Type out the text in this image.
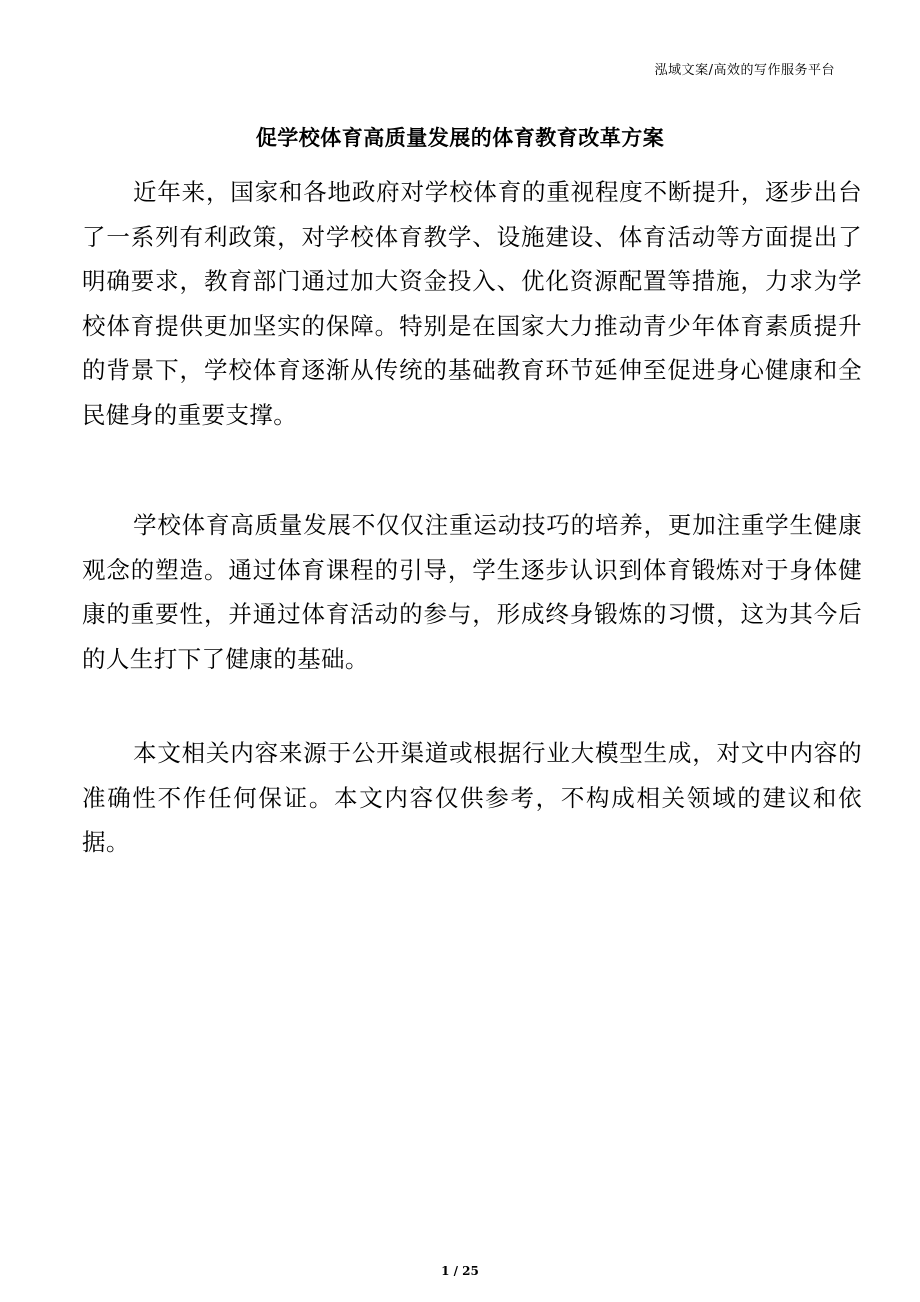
泓域文案/高效的写作服务平台
促学校体育高质量发展的体育教育改革方案

近年来，国家和各地政府对学校体育的重视程度不断提升，逐步出台了一系列有利政策，对学校体育教学、设施建设、体育活动等方面提出了明确要求，教育部门通过加大资金投入、优化资源配置等措施，力求为学校体育提供更加坚实的保障。特别是在国家大力推动青少年体育素质提升的背景下，学校体育逐渐从传统的基础教育环节延伸至促进身心健康和全民健身的重要支撑。

学校体育高质量发展不仅仅注重运动技巧的培养，更加注重学生健康观念的塑造。通过体育课程的引导，学生逐步认识到体育锻炼对于身体健康的重要性，并通过体育活动的参与，形成终身锻炼的习惯，这为其今后的人生打下了健康的基础。

本文相关内容来源于公开渠道或根据行业大模型生成，对文中内容的准确性不作任何保证。本文内容仅供参考，不构成相关领域的建议和依据。

1 / 25
